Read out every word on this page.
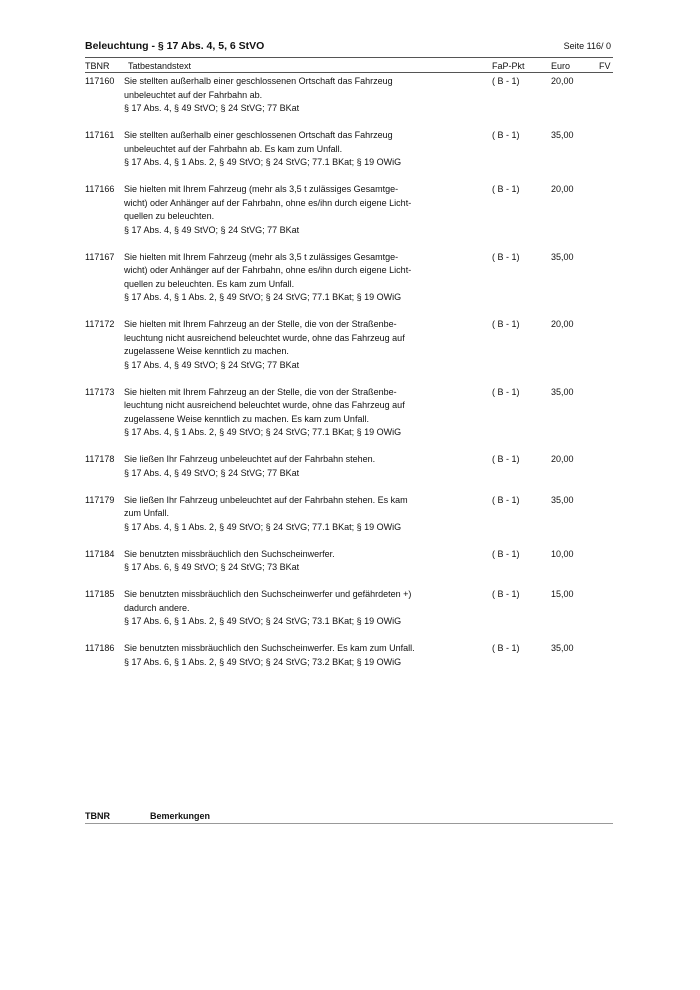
Beleuchtung - § 17 Abs. 4, 5, 6 StVO	Seite 116/ 0
TBNR Tatbestandstext	FaP-Pkt	Euro	FV
117160 Sie stellten außerhalb einer geschlossenen Ortschaft das Fahrzeug
unbeleuchtet auf der Fahrbahn ab.
§ 17 Abs. 4, § 49 StVO; § 24 StVG; 77 BKat
( B - 1)	20,00
117161 Sie stellten außerhalb einer geschlossenen Ortschaft das Fahrzeug
unbeleuchtet auf der Fahrbahn ab. Es kam zum Unfall.
§ 17 Abs. 4, § 1 Abs. 2, § 49 StVO; § 24 StVG; 77.1 BKat; § 19 OWiG
( B - 1)	35,00
117166 Sie hielten mit Ihrem Fahrzeug (mehr als 3,5 t zulässiges Gesamtge-
wicht) oder Anhänger auf der Fahrbahn, ohne es/ihn durch eigene Licht-
quellen zu beleuchten.
§ 17 Abs. 4, § 49 StVO; § 24 StVG; 77 BKat
( B - 1)	20,00
117167 Sie hielten mit Ihrem Fahrzeug (mehr als 3,5 t zulässiges Gesamtge-
wicht) oder Anhänger auf der Fahrbahn, ohne es/ihn durch eigene Licht-
quellen zu beleuchten. Es kam zum Unfall.
§ 17 Abs. 4, § 1 Abs. 2, § 49 StVO; § 24 StVG; 77.1 BKat; § 19 OWiG
( B - 1)	35,00
117172 Sie hielten mit Ihrem Fahrzeug an der Stelle, die von der Straßenbe-
leuchtung nicht ausreichend beleuchtet wurde, ohne das Fahrzeug auf
zugelassene Weise kenntlich zu machen.
§ 17 Abs. 4, § 49 StVO; § 24 StVG; 77 BKat
( B - 1)	20,00
117173 Sie hielten mit Ihrem Fahrzeug an der Stelle, die von der Straßenbe-
leuchtung nicht ausreichend beleuchtet wurde, ohne das Fahrzeug auf
zugelassene Weise kenntlich zu machen. Es kam zum Unfall.
§ 17 Abs. 4, § 1 Abs. 2, § 49 StVO; § 24 StVG; 77.1 BKat; § 19 OWiG
( B - 1)	35,00
117178 Sie ließen Ihr Fahrzeug unbeleuchtet auf der Fahrbahn stehen.
§ 17 Abs. 4, § 49 StVO; § 24 StVG; 77 BKat
( B - 1)	20,00
117179 Sie ließen Ihr Fahrzeug unbeleuchtet auf der Fahrbahn stehen. Es kam
zum Unfall.
§ 17 Abs. 4, § 1 Abs. 2, § 49 StVO; § 24 StVG; 77.1 BKat; § 19 OWiG
( B - 1)	35,00
117184 Sie benutzten missbräuchlich den Suchscheinwerfer.
§ 17 Abs. 6, § 49 StVO; § 24 StVG; 73 BKat
( B - 1)	10,00
117185 Sie benutzten missbräuchlich den Suchscheinwerfer und gefährdeten +)
dadurch andere.
§ 17 Abs. 6, § 1 Abs. 2, § 49 StVO; § 24 StVG; 73.1 BKat; § 19 OWiG
( B - 1)	15,00
117186 Sie benutzten missbräuchlich den Suchscheinwerfer. Es kam zum Unfall.
§ 17 Abs. 6, § 1 Abs. 2, § 49 StVO; § 24 StVG; 73.2 BKat; § 19 OWiG
( B - 1)	35,00
TBNR	Bemerkungen
